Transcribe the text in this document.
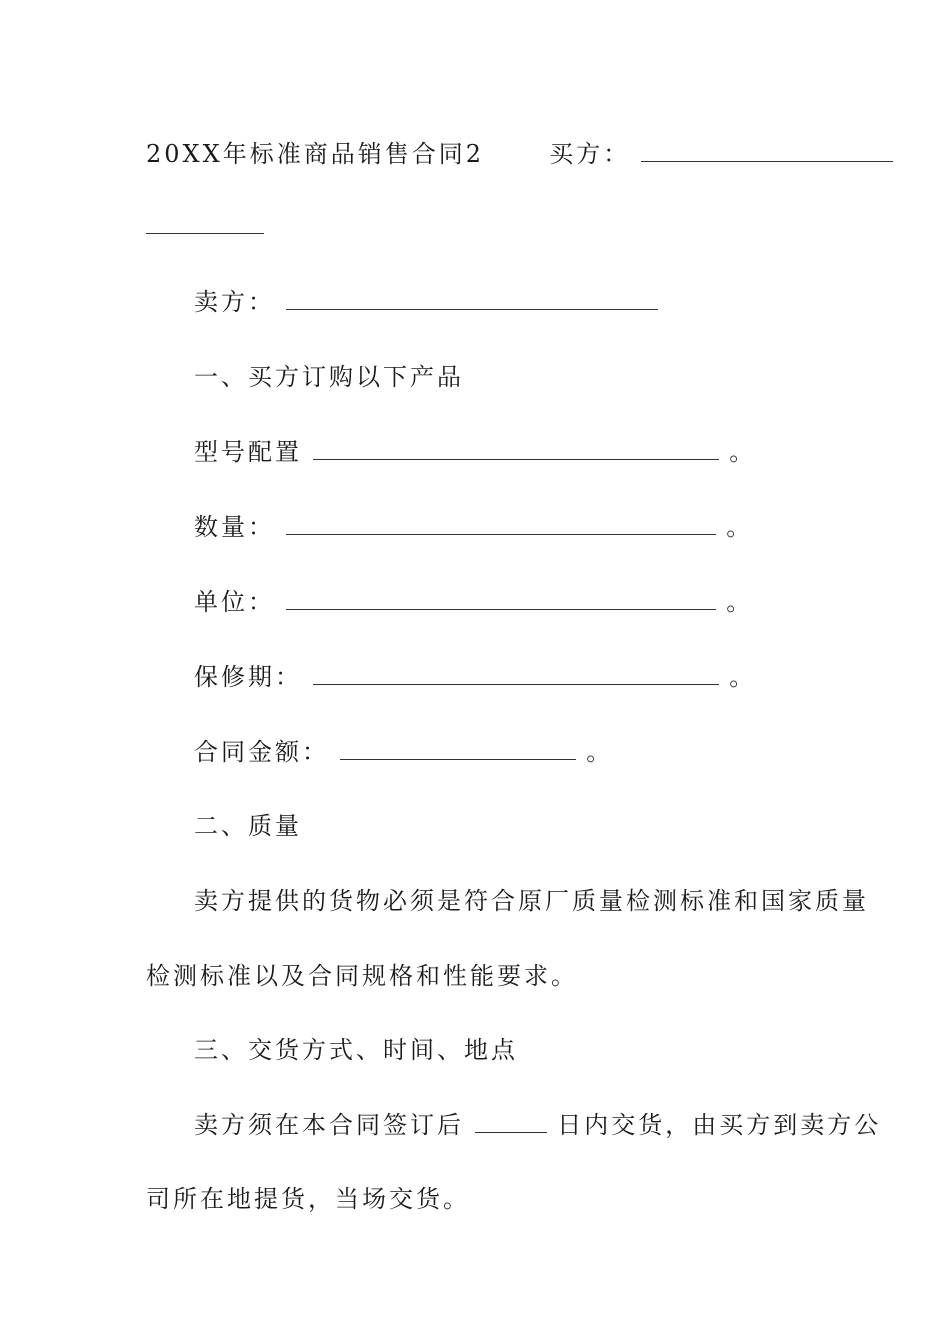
20XX年标准商品销售合同2	买方：
卖方：
一、买方订购以下产品
型号配置	。
数量：	。
单位：	。
保修期：	。
合同金额：	。
二、质量
卖方提供的货物必须是符合原厂质量检测标准和国家质量
检测标准以及合同规格和性能要求。
三、交货方式、时间、地点
卖方须在本合同签订后	日内交货，由买方到卖方公
司所在地提货，当场交货。
